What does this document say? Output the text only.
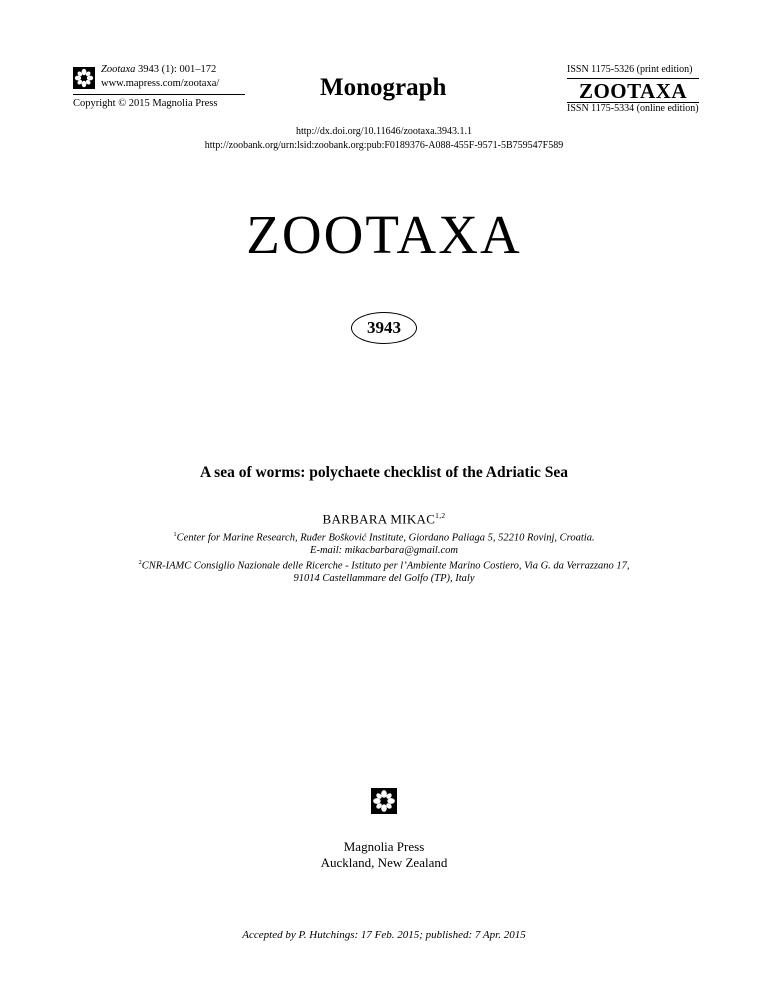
Zootaxa 3943 (1): 001–172
www.mapress.com/zootaxa/
Copyright © 2015 Magnolia Press
Monograph
ISSN 1175-5326 (print edition)
ZOOTAXA
ISSN 1175-5334 (online edition)
http://dx.doi.org/10.11646/zootaxa.3943.1.1
http://zoobank.org/urn:lsid:zoobank.org:pub:F0189376-A088-455F-9571-5B759547F589
ZOOTAXA
3943
A sea of worms: polychaete checklist of the Adriatic Sea
BARBARA MIKAC$^{1,2}$
$^1$Center for Marine Research, Ruđer Bošković Institute, Giordano Paliaga 5, 52210 Rovinj, Croatia.
E-mail: mikacbarbara@gmail.com
$^2$CNR-IAMC Consiglio Nazionale delle Ricerche - Istituto per l’Ambiente Marino Costiero, Via G. da Verrazzano 17,
91014 Castellammare del Golfo (TP), Italy
Magnolia Press
Auckland, New Zealand
Accepted by P. Hutchings: 17 Feb. 2015; published: 7 Apr. 2015
